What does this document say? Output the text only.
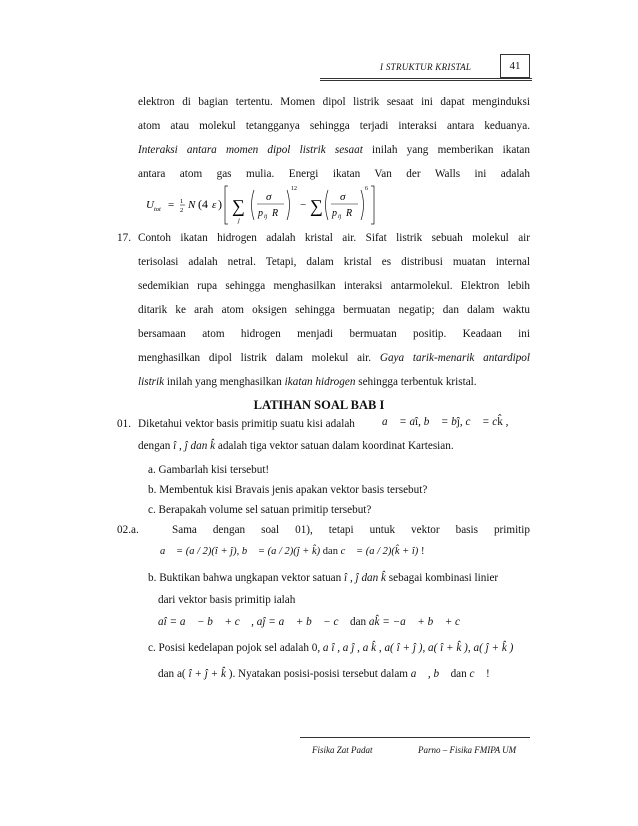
I STRUKTUR KRISTAL	41
elektron di bagian tertentu. Momen dipol listrik sesaat ini dapat menginduksi
atom atau molekul tetangganya sehingga terjadi interaksi antara keduanya.
Interaksi antara momen dipol listrik sesaat inilah yang memberikan ikatan
antara atom gas mulia. Energi ikatan Van der Walls ini adalah
U tot = 1
2 N (4 ε ) ∑
j
σ
p ij R
12
− ∑ σ
p ij R
6
17. Contoh ikatan hidrogen adalah kristal air. Sifat listrik sebuah molekul air
terisolasi adalah netral. Tetapi, dalam kristal es distribusi muatan internal
sedemikian rupa sehingga menghasilkan interaksi antarmolekul. Elektron lebih
ditarik ke arah atom oksigen sehingga bermuatan negatip; dan dalam waktu
bersamaan atom hidrogen menjadi bermuatan positip. Keadaan ini
menghasilkan dipol listrik dalam molekul air. Gaya tarik-menarik antardipol
listrik inilah yang menghasilkan ikatan hidrogen sehingga terbentuk kristal.
LATIHAN SOAL BAB I
01. Diketahui vektor basis primitip suatu kisi adalah a⃗ = aî, b⃗ = bĵ, c⃗ = ck̂ ,
dengan î , ĵ dan k̂ adalah tiga vektor satuan dalam koordinat Kartesian.
a. Gambarlah kisi tersebut!
b. Membentuk kisi Bravais jenis apakan vektor basis tersebut?
c. Berapakah volume sel satuan primitip tersebut?
02.a.	Sama dengan soal 01), tetapi untuk vektor basis primitip
a⃗ = (a / 2)(î + ĵ), b⃗ = (a / 2)(ĵ + k̂) dan c⃗ = (a / 2)(k̂ + î) !
b. Buktikan bahwa ungkapan vektor satuan î , ĵ dan k̂ sebagai kombinasi linier
dari vektor basis primitip ialah
aî = a⃗ − b⃗ + c⃗ , aĵ = a⃗ + b⃗ − c⃗ dan ak̂ = −a⃗ + b⃗ + c⃗
c. Posisi kedelapan pojok sel adalah 0, a î , a ĵ , a k̂ , a( î + ĵ ), a( î + k̂ ), a( ĵ + k̂ )
dan a( î + ĵ + k̂ ). Nyatakan posisi-posisi tersebut dalam a⃗ , b⃗ dan c⃗ !
Fisika Zat Padat	Parno – Fisika FMIPA UM
